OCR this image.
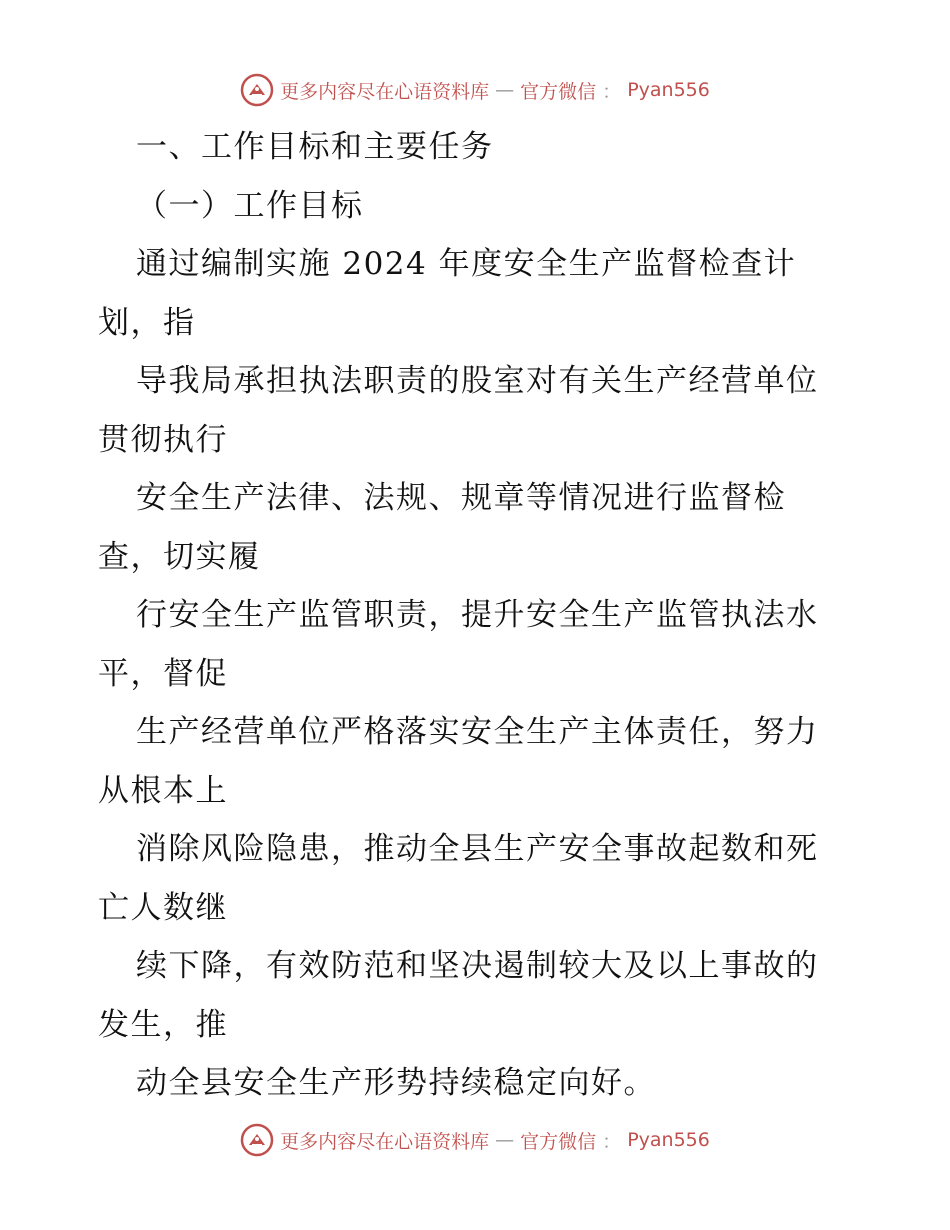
更多内容尽在心语资料库 — 官方微信 ： Pyan556
一、工作目标和主要任务
（一）工作目标
通过编制实施 2024 年度安全生产监督检查计
划，指
导我局承担执法职责的股室对有关生产经营单位
贯彻执行
安全生产法律、法规、规章等情况进行监督检
查，切实履
行安全生产监管职责，提升安全生产监管执法水
平，督促
生产经营单位严格落实安全生产主体责任，努力
从根本上
消除风险隐患，推动全县生产安全事故起数和死
亡人数继
续下降，有效防范和坚决遏制较大及以上事故的
发生，推
动全县安全生产形势持续稳定向好。
更多内容尽在心语资料库 — 官方微信 ： Pyan556
